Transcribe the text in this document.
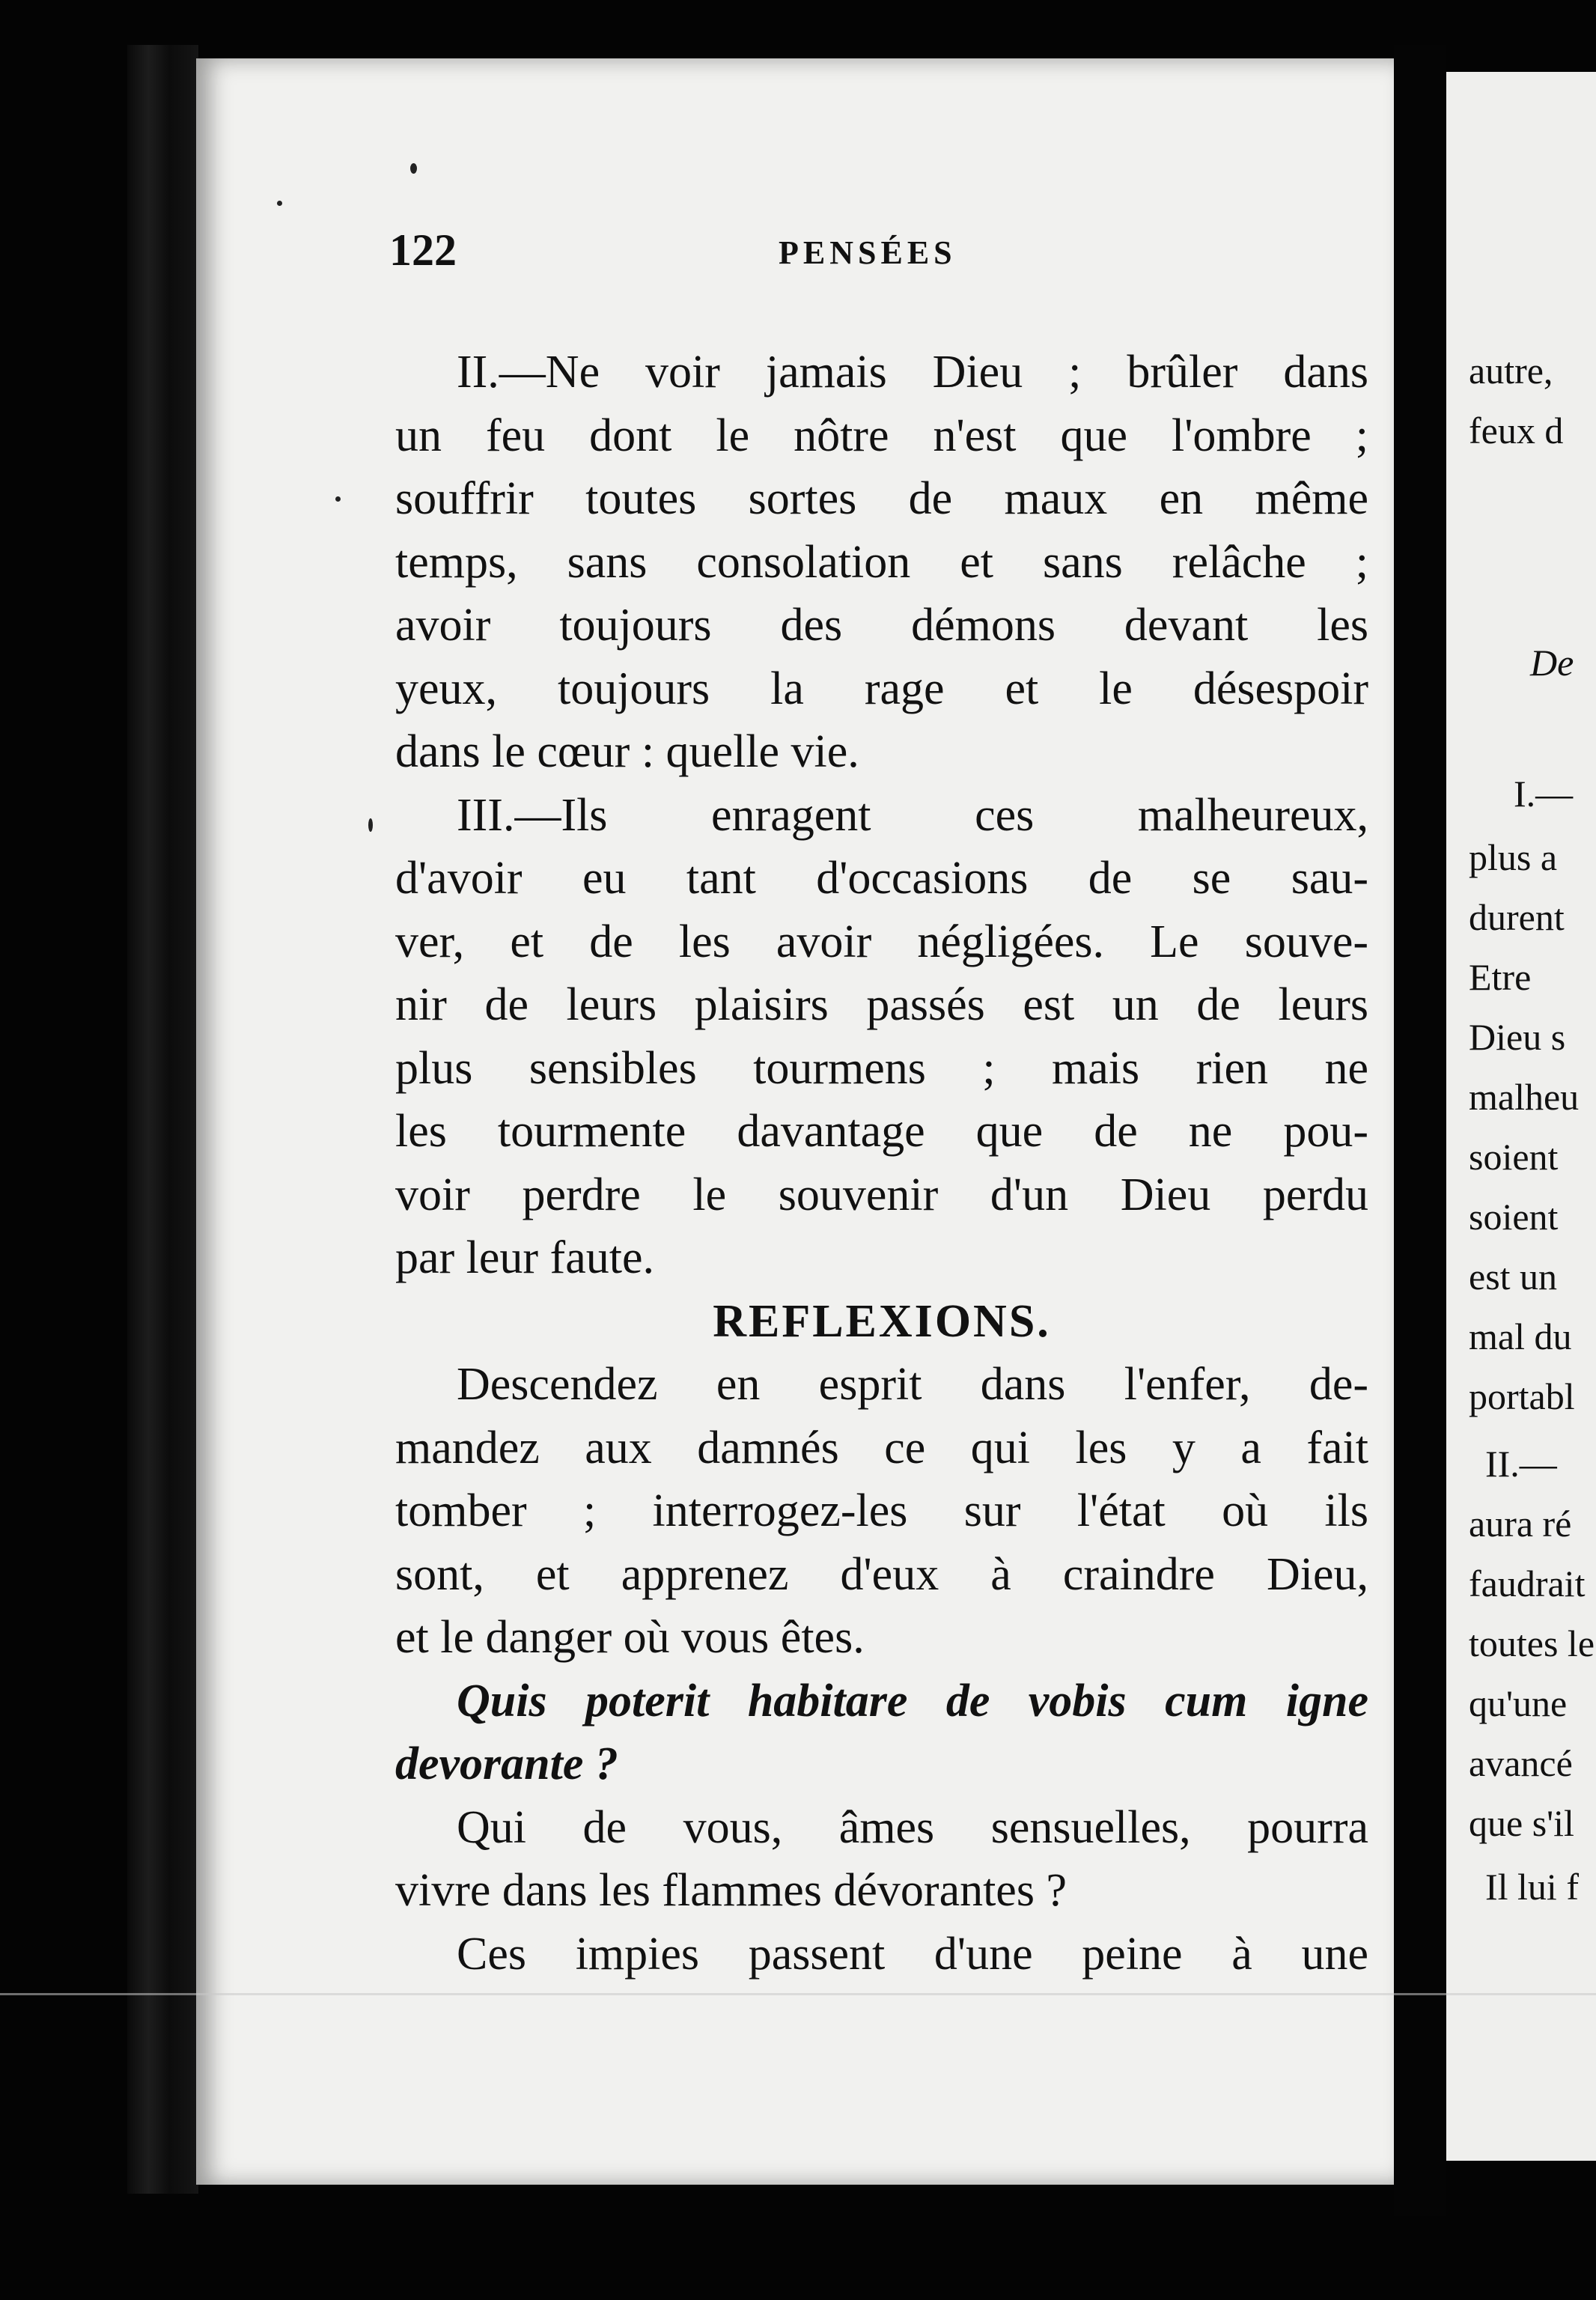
122	PENSÉES
II.—Ne voir jamais Dieu ; brûler dans
un feu dont le nôtre n'est que l'ombre ;
souffrir toutes sortes de maux en même
temps, sans consolation et sans relâche ;
avoir toujours des démons devant les
yeux, toujours la rage et le désespoir
dans le cœur : quelle vie.
III.—Ils enragent ces malheureux,
d'avoir eu tant d'occasions de se sau-
ver, et de les avoir négligées. Le souve-
nir de leurs plaisirs passés est un de leurs
plus sensibles tourmens ; mais rien ne
les tourmente davantage que de ne pou-
voir perdre le souvenir d'un Dieu perdu
par leur faute.
REFLEXIONS.
Descendez en esprit dans l'enfer, de-
mandez aux damnés ce qui les y a fait
tomber ; interrogez-les sur l'état où ils
sont, et apprenez d'eux à craindre Dieu,
et le danger où vous êtes.
Quis poterit habitare de vobis cum igne
devorante ?
Qui de vous, âmes sensuelles, pourra
vivre dans les flammes dévorantes ?
Ces impies passent d'une peine à une
autre,
feux d
De
I.—
plus a
durent
Etre
Dieu s
malheu
soient
soient
est un
mal du
portabl
II.—
aura ré
faudrait
toutes le
qu'une
avancé
que s'il
Il lui f
